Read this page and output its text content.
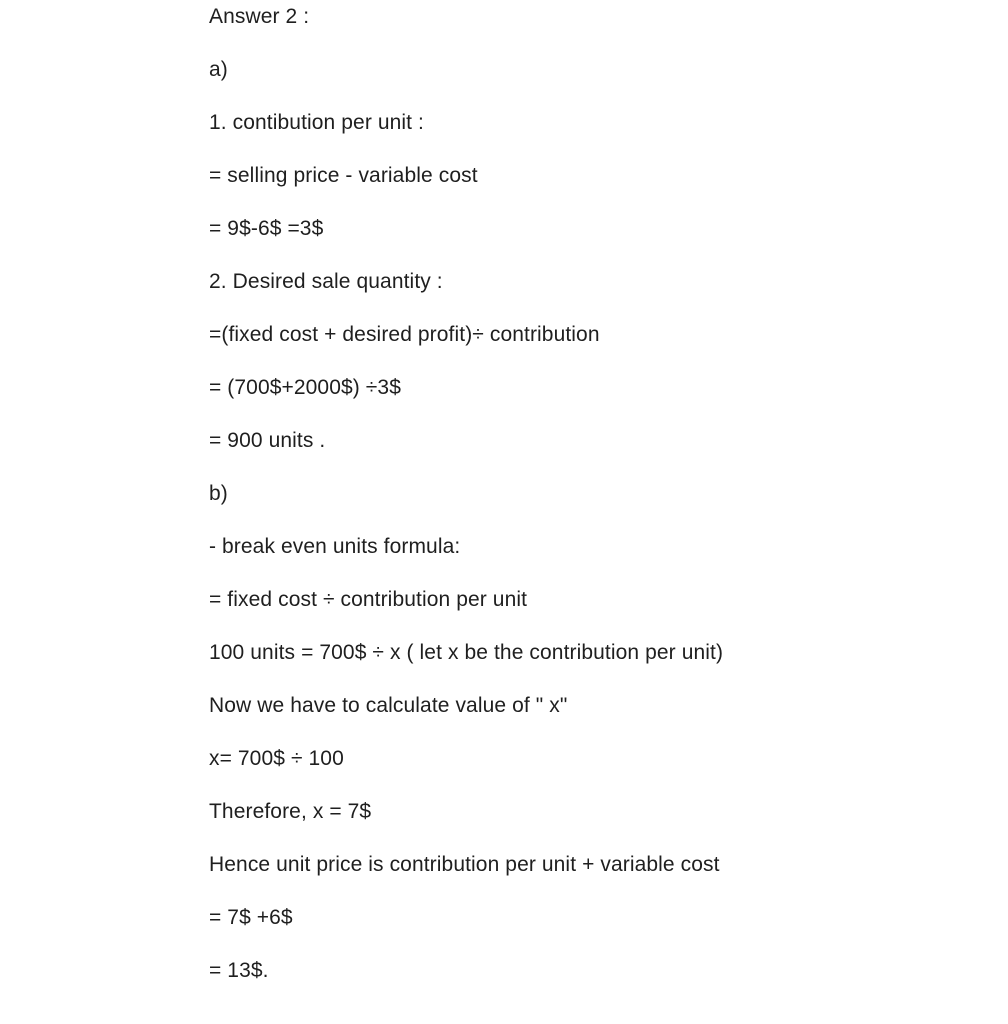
Answer 2 :
a)
1. contibution per unit :
= selling price - variable cost
= 9$-6$ =3$
2. Desired sale quantity :
=(fixed cost + desired profit)÷ contribution
= (700$+2000$) ÷3$
= 900 units .
b)
- break even units formula:
= fixed cost ÷ contribution per unit
100 units = 700$ ÷ x ( let x be the contribution per unit)
Now we have to calculate value of " x"
x= 700$ ÷ 100
Therefore, x = 7$
Hence unit price is contribution per unit + variable cost
= 7$ +6$
= 13$.
